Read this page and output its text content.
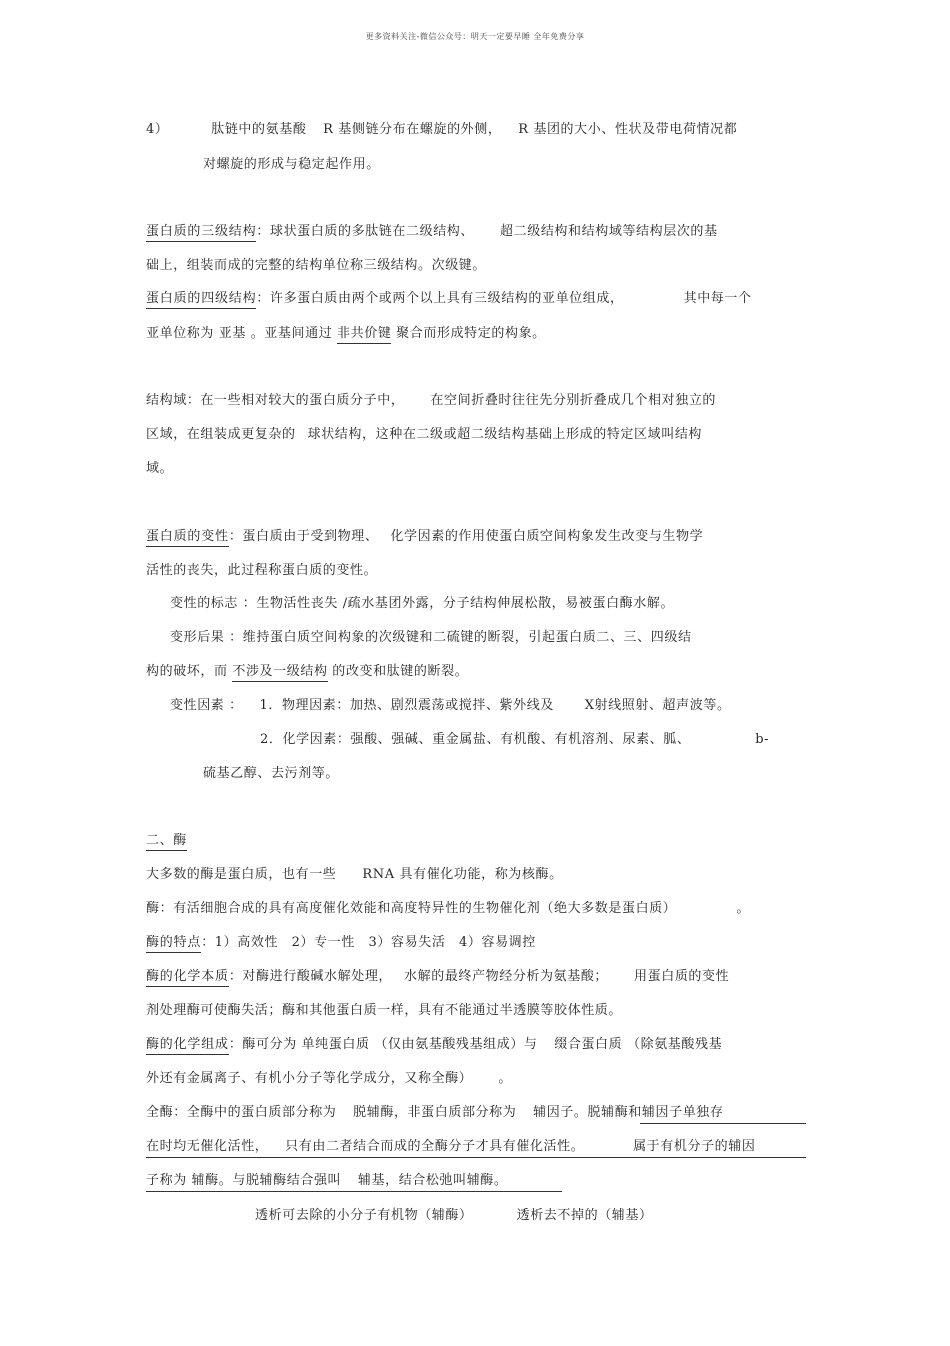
更多资料关注-微信公众号：明天一定要早睡 全年免费分享
4）	肽链中的氨基酸 R 基侧链分布在螺旋的外侧， R 基团的大小、性状及带电荷情况都
对螺旋的形成与稳定起作用。
蛋白质的三级结构：球状蛋白质的多肽链在二级结构、 超二级结构和结构域等结构层次的基
础上，组装而成的完整的结构单位称三级结构。次级键。
蛋白质的四级结构：许多蛋白质由两个或两个以上具有三级结构的亚单位组成，	其中每一个
亚单位称为 亚基 。亚基间通过 非共价键 聚合而形成特定的构象。
结构域：在一些相对较大的蛋白质分子中， 在空间折叠时往往先分别折叠成几个相对独立的
区域，在组装成更复杂的 球状结构，这种在二级或超二级结构基础上形成的特定区域叫结构
域。
蛋白质的变性：蛋白质由于受到物理、 化学因素的作用使蛋白质空间构象发生改变与生物学
活性的丧失，此过程称蛋白质的变性。
变性的标志 ：生物活性丧失 /疏水基团外露，分子结构伸展松散，易被蛋白酶水解。
变形后果 ：维持蛋白质空间构象的次级键和二硫键的断裂，引起蛋白质二、三、四级结
构的破坏，而 不涉及一级结构 的改变和肽键的断裂。
变性因素 ： 1．物理因素：加热、剧烈震荡或搅拌、紫外线及 X射线照射、超声波等。
2．化学因素：强酸、强碱、重金属盐、有机酸、有机溶剂、尿素、胍、	b-
硫基乙醇、去污剂等。
二、酶
大多数的酶是蛋白质，也有一些 RNA 具有催化功能，称为核酶。
酶：有活细胞合成的具有高度催化效能和高度特异性的生物催化剂（绝大多数是蛋白质）	。
酶的特点：1）高效性　2）专一性　3）容易失活　4）容易调控
酶的化学本质：对酶进行酸碱水解处理， 水解的最终产物经分析为氨基酸； 用蛋白质的变性
剂处理酶可使酶失活；酶和其他蛋白质一样，具有不能通过半透膜等胶体性质。
酶的化学组成：酶可分为 单纯蛋白质 （仅由氨基酸残基组成）与 缀合蛋白质 （除氨基酸残基
外还有金属离子、有机小分子等化学成分，又称全酶） 。
全酶：全酶中的蛋白质部分称为 脱辅酶，非蛋白质部分称为 辅因子。脱辅酶和辅因子单独存
在时均无催化活性， 只有由二者结合而成的全酶分子才具有催化活性。	属于有机分子的辅因
子称为 辅酶。与脱辅酶结合强叫 辅基，结合松弛叫辅酶。
透析可去除的小分子有机物（辅酶）	透析去不掉的（辅基）
